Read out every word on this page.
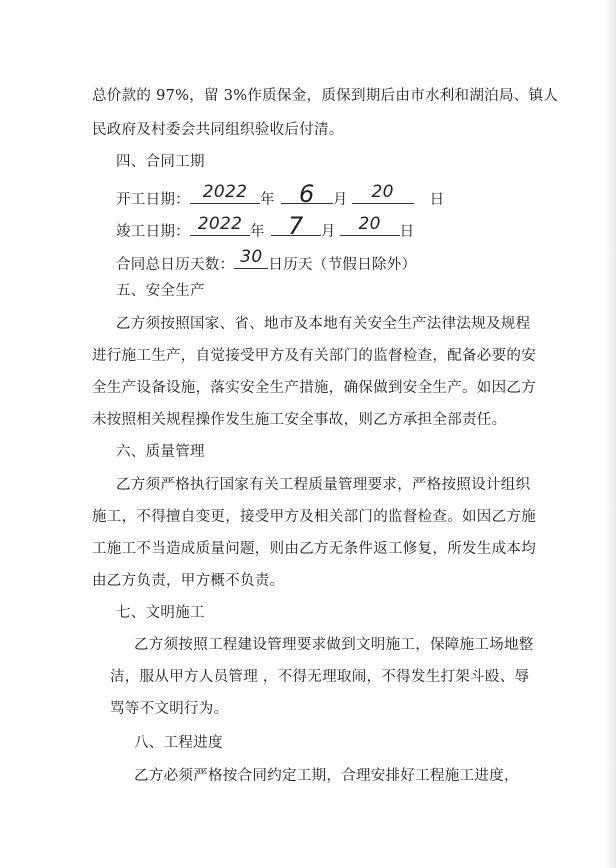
总价款的 97%，留 3%作质保金，质保到期后由市水利和湖泊局、镇人
民政府及村委会共同组织验收后付清。
四、合同工期
开工日期： 2022 年	6	月	20	日
竣工日期： 2022 年 7	月	20	日
合同总日历天数： 30 日历天（节假日除外）
五、安全生产
乙方须按照国家、省、地市及本地有关安全生产法律法规及规程
进行施工生产，自觉接受甲方及有关部门的监督检查，配备必要的安
全生产设备设施，落实安全生产措施，确保做到安全生产。如因乙方
未按照相关规程操作发生施工安全事故，则乙方承担全部责任。
六、质量管理
乙方须严格执行国家有关工程质量管理要求，严格按照设计组织
施工，不得擅自变更，接受甲方及相关部门的监督检查。如因乙方施
工施工不当造成质量问题，则由乙方无条件返工修复，所发生成本均
由乙方负责，甲方概不负责。
七、文明施工
乙方须按照工程建设管理要求做到文明施工，保障施工场地整
洁，服从甲方人员管理 ，不得无理取闹，不得发生打架斗殴、辱
骂等不文明行为。
八、工程进度
乙方必须严格按合同约定工期，合理安排好工程施工进度，
